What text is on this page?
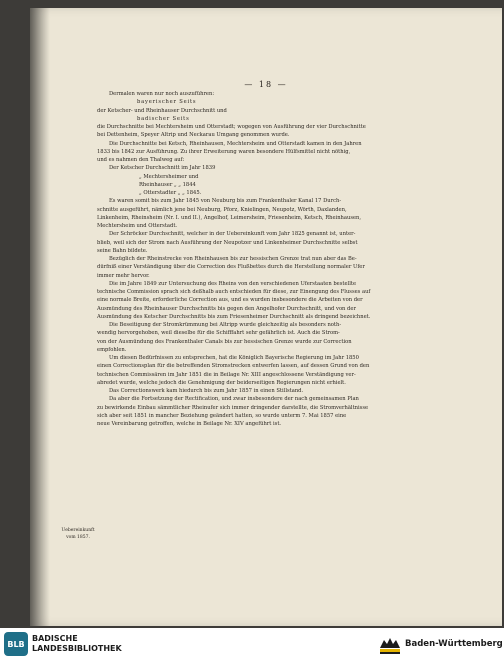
— 18 —
Dermalen waren nur noch auszuführen:
bayerischer Seits
der Ketscher- und Rheinhauser Durchschnitt und
badischer Seits
die Durchschnitte bei Mechtersheim und Otterstadt; wogegen von Ausführung der vier Durchschnitte
bei Dettenheim, Speyer Altrip und Neckarau Umgang genommen wurde.
Die Durchschnitte bei Ketsch, Rheinhausen, Mechtersheim und Otterstadt kamen in den Jahren
1833 bis 1842 zur Ausführung. Zu ihrer Erweiterung waren besondere Hülfsmittel nicht nöthig,
und es nahmen den Thalweg auf:
Der Ketscher Durchschnitt im Jahr 1839
„ Mechtersheimer und
Rheinhauser „ „ 1844
„ Otterstadter „ „ 1845.
Es waren somit bis zum Jahr 1845 von Neuburg bis zum Frankenthaler Kanal 17 Durch-
schnitte ausgeführt, nämlich jene bei Neuburg, Pforz, Knielingen, Neupotz, Wörth, Daxlanden,
Linkenheim, Rheinsheim (Nr. I. und II.), Angelhof, Leimersheim, Friesenheim, Ketsch, Rheinhausen,
Mechtersheim und Otterstadt.
Der Schröcker Durchschnitt, welcher in der Uebereinkunft vom Jahr 1825 genannt ist, unter-
blieb, weil sich der Strom nach Ausführung der Neupotzer und Linkenheimer Durchschnitte selbst
seine Bahn bildete.
Bezüglich der Rheinstrecke von Rheinhausen bis zur hessischen Grenze trat nun aber das Be-
dürfniß einer Verständigung über die Correction des Flußbettes durch die Herstellung normaler Ufer
immer mehr hervor.
Die im Jahre 1849 zur Untersuchung des Rheins von den verschiedenen Uferstaaten bestellte
technische Commission sprach sich deßhalb auch entschieden für diese, zur Einengung des Flusses auf
eine normale Breite, erforderliche Correction aus, und es wurden insbesondere die Arbeiten von der
Ausmündung des Rheinhauser Durchschnitts bis gegen den Angelhofer Durchschnitt, und von der
Ausmündung des Ketscher Durchschnitts bis zum Friesenheimer Durchschnitt als dringend bezeichnet.
Die Beseitigung der Stromkrümmung bei Altripp wurde gleichzeitig als besonders noth-
wendig hervorgehoben, weil dieselbe für die Schifffahrt sehr gefährlich ist. Auch die Strom-
von der Ausmündung des Frankenthaler Canals bis zur hessischen Grenze wurde zur Correction
empfohlen.
Um diesen Bedürfnissen zu entsprechen, hat die Königlich Bayerische Regierung im Jahr 1850
einen Correctionsplan für die betreffenden Stromstrecken entwerfen lassen, auf dessen Grund von den
technischen Commissären im Jahr 1851 die in Beilage Nr. XIII angeschlossene Verständigung ver-
abredet wurde, welche jedoch die Genehmigung der beiderseitigen Regierungen nicht erhielt.
Das Correctionswerk kam hiedurch bis zum Jahr 1857 in einen Stillstand.
Da aber die Fortsetzung der Rectification, und zwar insbesondere der nach gemeinsamen Plan
zu bewirkende Einbau sämmtlicher Rheinufer sich immer dringender darstellte, die Stromverhältnisse
sich aber seit 1851 in mancher Beziehung geändert hatten, so wurde unterm 7. Mai 1857 eine
neue Vereinbarung getroffen, welche in Beilage Nr. XIV angeführt ist.
Uebereinkunft
vom 1857.
BLB
BADISCHE
LANDESBIBLIOTHEK	Baden-Württemberg
